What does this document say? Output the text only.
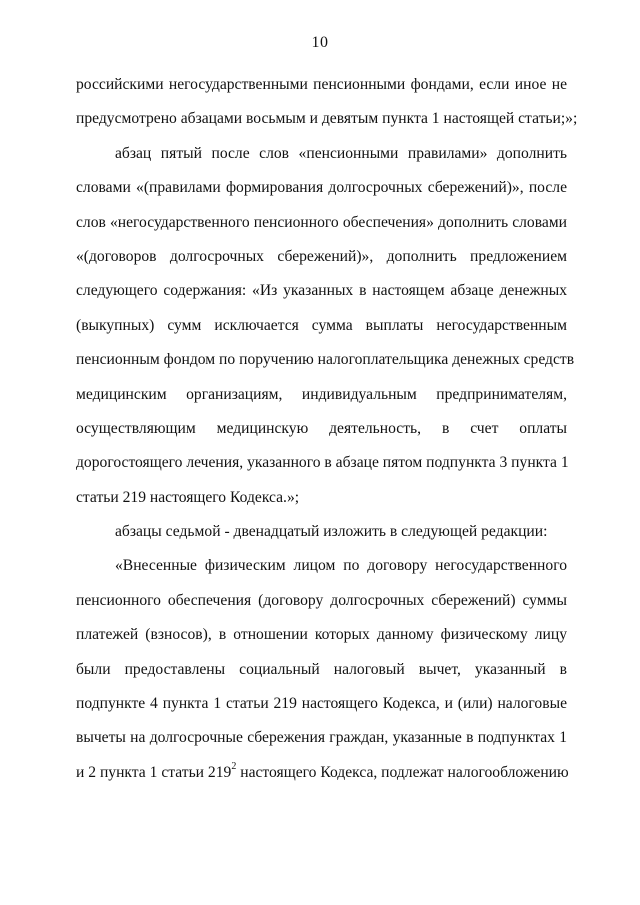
10
российскими негосударственными пенсионными фондами, если иное не
предусмотрено абзацами восьмым и девятым пункта 1 настоящей статьи;»;
абзац пятый после слов «пенсионными правилами» дополнить
словами «(правилами формирования долгосрочных сбережений)», после
слов «негосударственного пенсионного обеспечения» дополнить словами
«(договоров долгосрочных сбережений)», дополнить предложением
следующего содержания: «Из указанных в настоящем абзаце денежных
(выкупных) сумм исключается сумма выплаты негосударственным
пенсионным фондом по поручению налогоплательщика денежных средств
медицинским организациям, индивидуальным предпринимателям,
осуществляющим медицинскую деятельность, в счет оплаты
дорогостоящего лечения, указанного в абзаце пятом подпункта 3 пункта 1
статьи 219 настоящего Кодекса.»;
абзацы седьмой - двенадцатый изложить в следующей редакции:
«Внесенные физическим лицом по договору негосударственного
пенсионного обеспечения (договору долгосрочных сбережений) суммы
платежей (взносов), в отношении которых данному физическому лицу
были предоставлены социальный налоговый вычет, указанный в
подпункте 4 пункта 1 статьи 219 настоящего Кодекса, и (или) налоговые
вычеты на долгосрочные сбережения граждан, указанные в подпунктах 1
и 2 пункта 1 статьи $219^2$ настоящего Кодекса, подлежат налогообложению
